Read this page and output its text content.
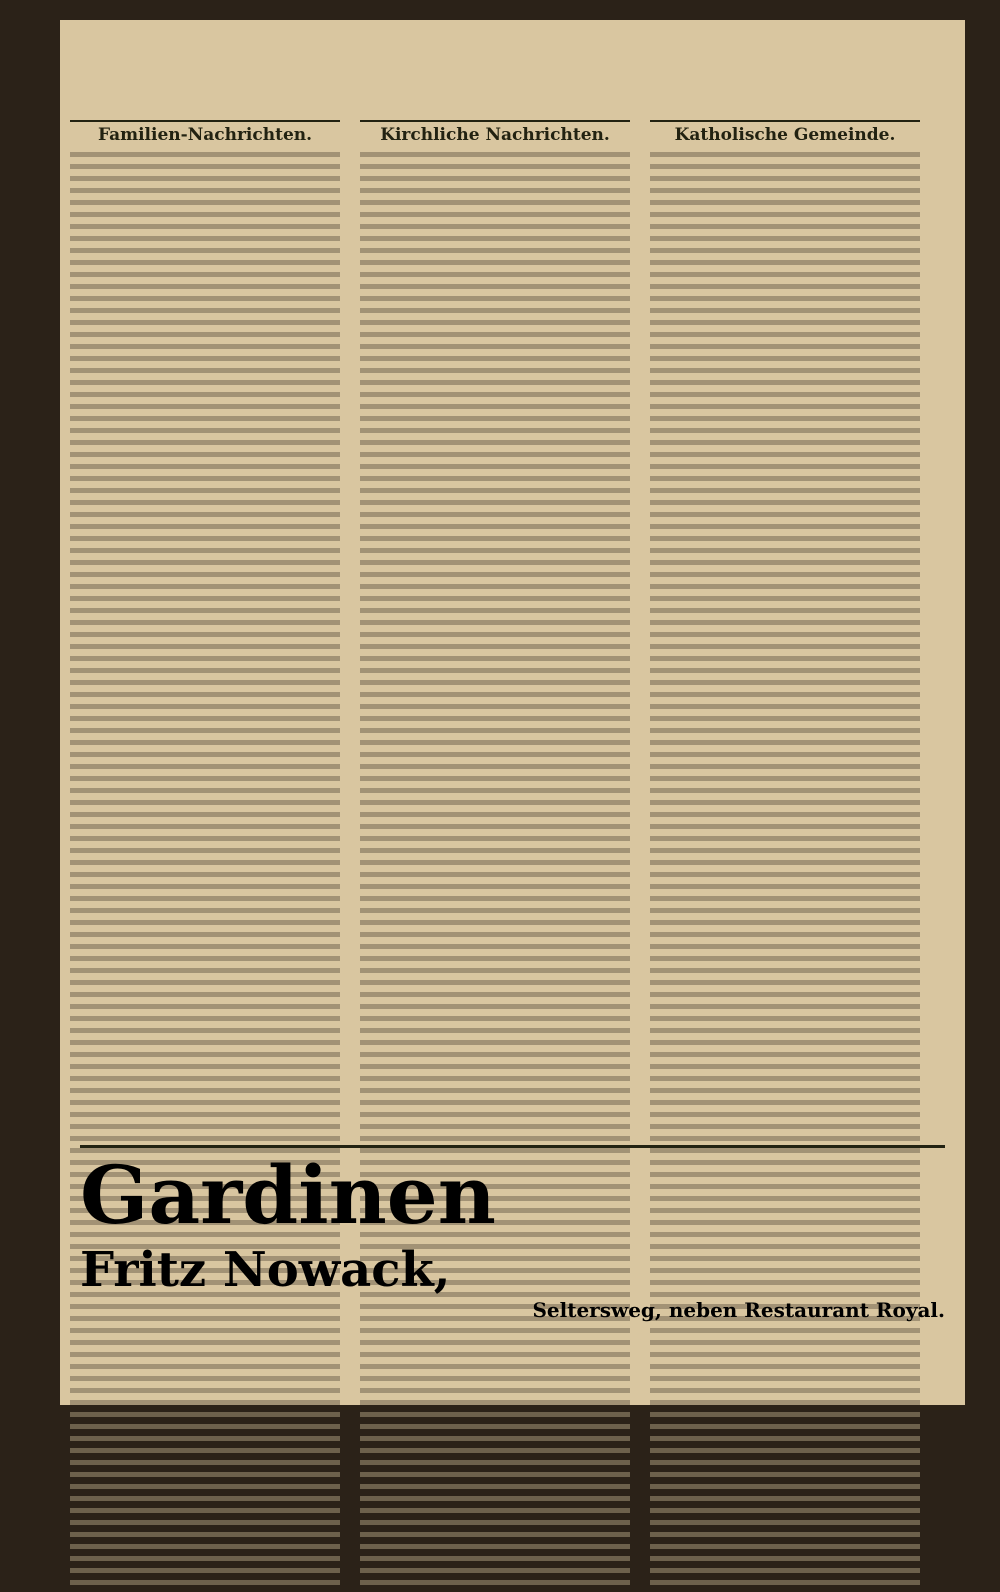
Familien-Nachrichten.	Kirchliche Nachrichten.	Katholische Gemeinde.
Gardinen
Fritz Nowack,
Seltersweg, neben Restaurant Royal.
